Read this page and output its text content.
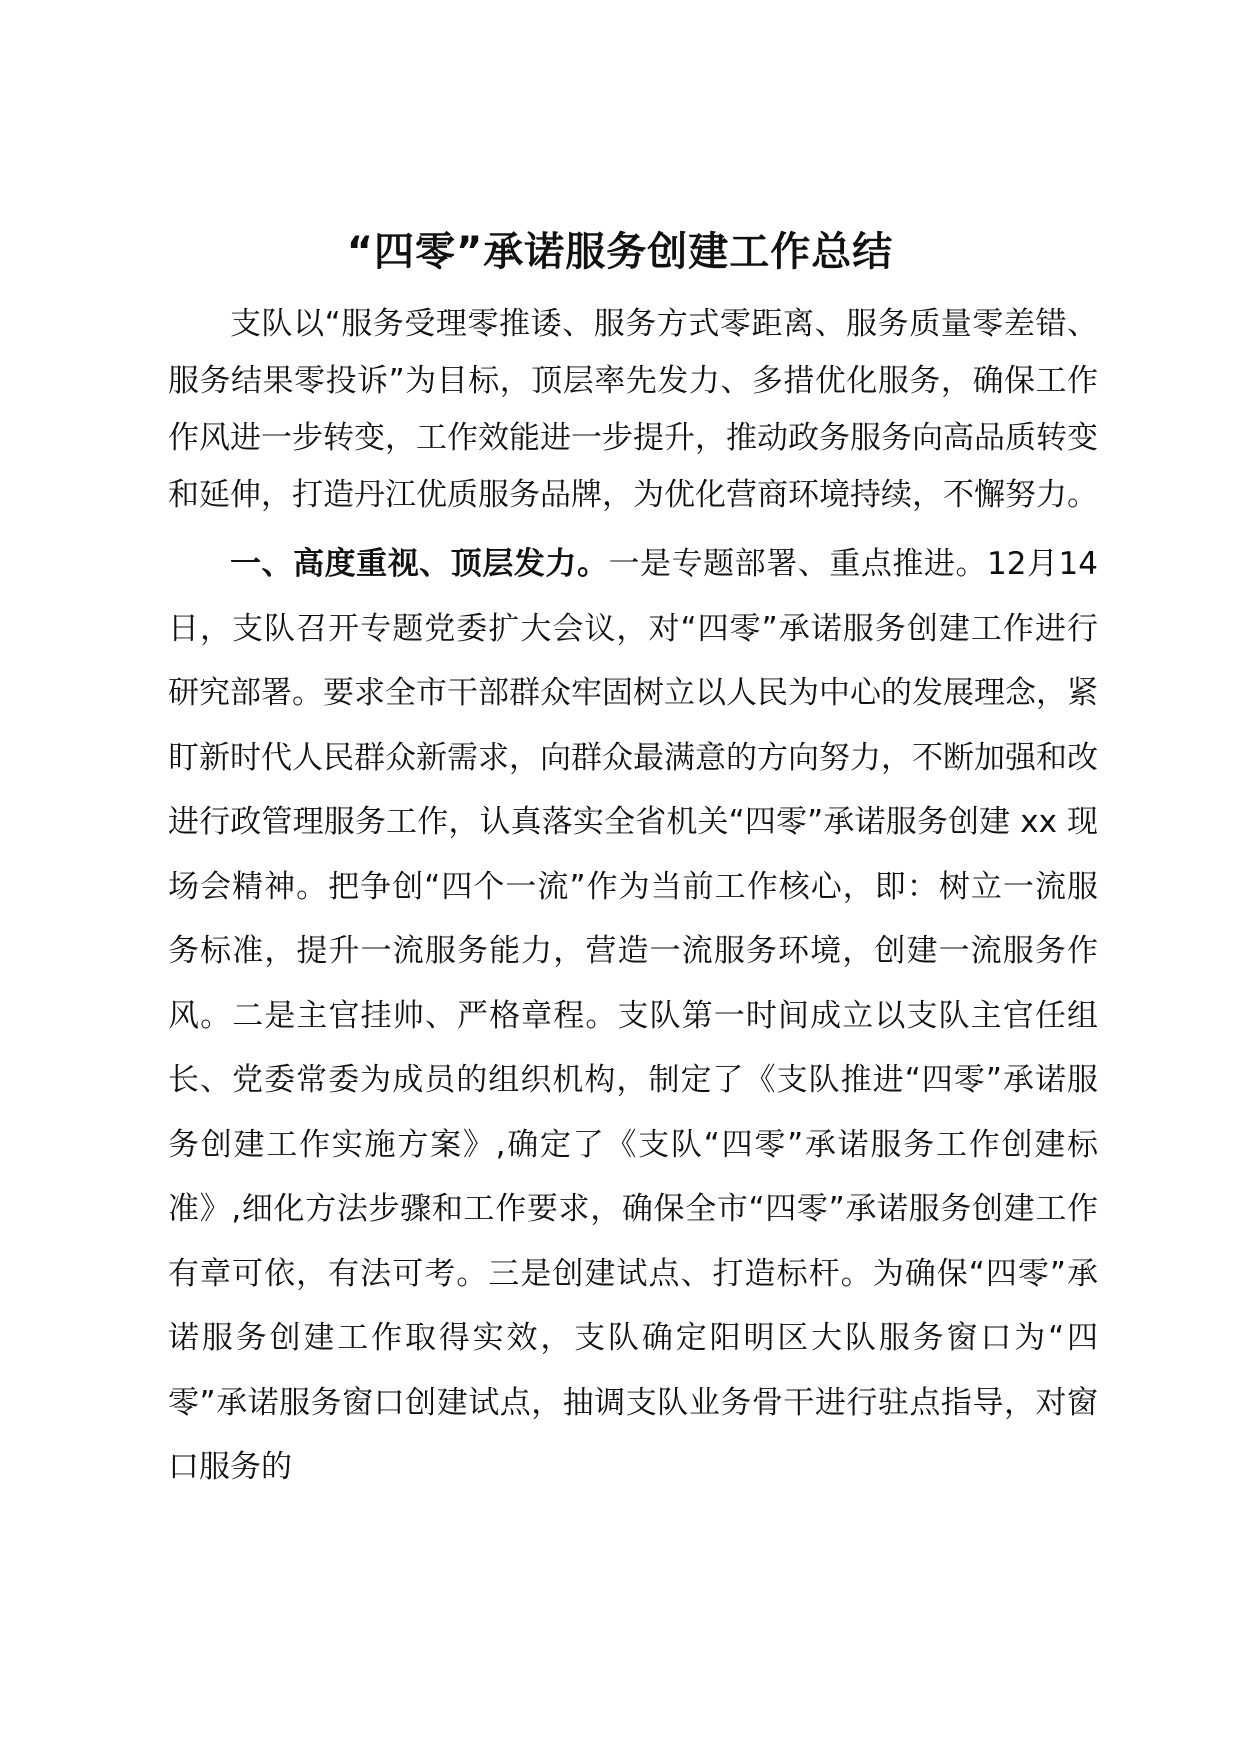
“四零”承诺服务创建工作总结

支队以“服务受理零推诿、服务方式零距离、服务质量零差错、服务结果零投诉”为目标，顶层率先发力、多措优化服务，确保工作作风进一步转变，工作效能进一步提升，推动政务服务向高品质转变和延伸，打造丹江优质服务品牌，为优化营商环境持续，不懈努力。

一、高度重视、顶层发力。一是专题部署、重点推进。12月14日，支队召开专题党委扩大会议，对“四零”承诺服务创建工作进行研究部署。要求全市干部群众牢固树立以人民为中心的发展理念，紧盯新时代人民群众新需求，向群众最满意的方向努力，不断加强和改进行政管理服务工作，认真落实全省机关“四零”承诺服务创建 xx 现场会精神。把争创“四个一流”作为当前工作核心，即：树立一流服务标准，提升一流服务能力，营造一流服务环境，创建一流服务作风。二是主官挂帅、严格章程。支队第一时间成立以支队主官任组长、党委常委为成员的组织机构，制定了《支队推进“四零”承诺服务创建工作实施方案》,确定了《支队“四零”承诺服务工作创建标准》,细化方法步骤和工作要求，确保全市“四零”承诺服务创建工作有章可依，有法可考。三是创建试点、打造标杆。为确保“四零”承诺服务创建工作取得实效，支队确定阳明区大队服务窗口为“四零”承诺服务窗口创建试点，抽调支队业务骨干进行驻点指导，对窗口服务的
